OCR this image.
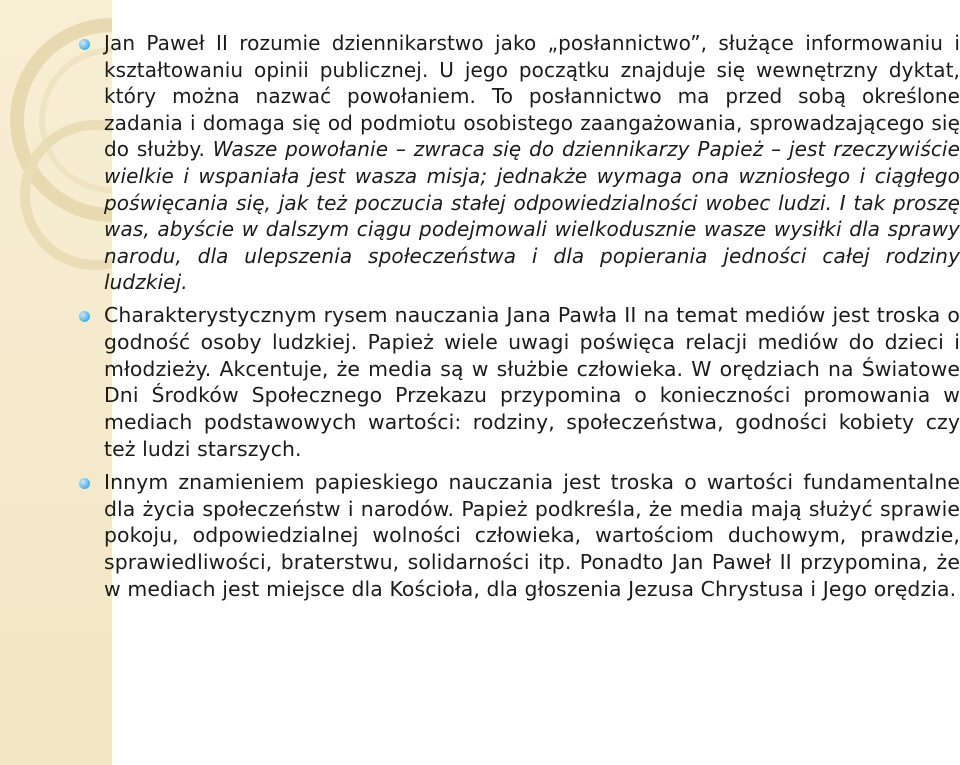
Jan Paweł II rozumie dziennikarstwo jako „posłannictwo”, służące informowaniu i kształtowaniu opinii publicznej. U jego początku znajduje się wewnętrzny dyktat, który można nazwać powołaniem. To posłannictwo ma przed sobą określone zadania i domaga się od podmiotu osobistego zaangażowania, sprowadzającego się do służby. Wasze powołanie – zwraca się do dziennikarzy Papież – jest rzeczywiście wielkie i wspaniała jest wasza misja; jednakże wymaga ona wzniosłego i ciągłego poświęcania się, jak też poczucia stałej odpowiedzialności wobec ludzi. I tak proszę was, abyście w dalszym ciągu podejmowali wielkodusznie wasze wysiłki dla sprawy narodu, dla ulepszenia społeczeństwa i dla popierania jedności całej rodziny ludzkiej.

Charakterystycznym rysem nauczania Jana Pawła II na temat mediów jest troska o godność osoby ludzkiej. Papież wiele uwagi poświęca relacji mediów do dzieci i młodzieży. Akcentuje, że media są w służbie człowieka. W orędziach na Światowe Dni Środków Społecznego Przekazu przypomina o konieczności promowania w mediach podstawowych wartości: rodziny, społeczeństwa, godności kobiety czy też ludzi starszych.

Innym znamieniem papieskiego nauczania jest troska o wartości fundamentalne dla życia społeczeństw i narodów. Papież podkreśla, że media mają służyć sprawie pokoju, odpowiedzialnej wolności człowieka, wartościom duchowym, prawdzie, sprawiedliwości, braterstwu, solidarności itp. Ponadto Jan Paweł II przypomina, że w mediach jest miejsce dla Kościoła, dla głoszenia Jezusa Chrystusa i Jego orędzia.
